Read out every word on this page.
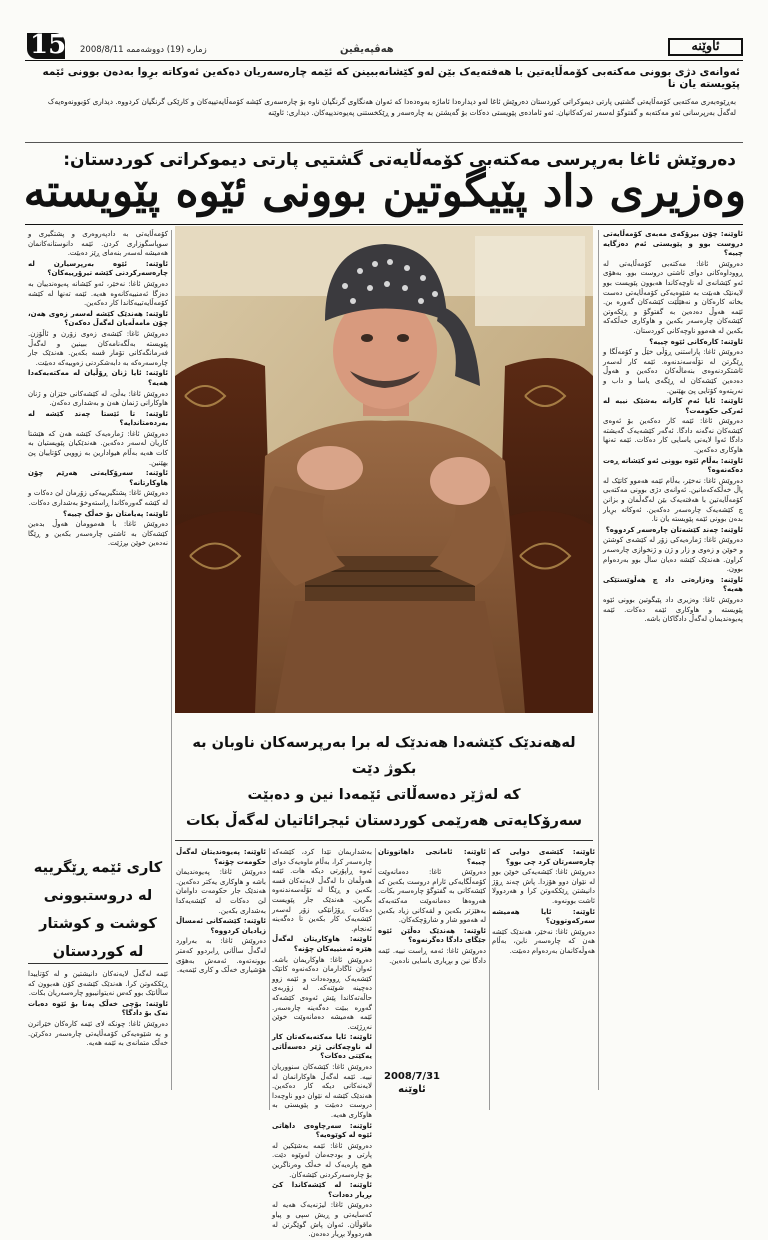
15 زمارە (19) دووشەممە 2008/8/11	هەڤپەیڤین	ئاوێنە
ئەوانەی دژی بوونی مەکتەبی کۆمەڵایەتین با هەفتەیەک بێن لەو کێشانەببینن کە ئێمە چارەسەریان دەکەین ئەوکاتە برِوا بەدەن بوونی ئێمە پێویستە یان نا
بەڕێوەبەری مەکتەبی کۆمەڵایەتی گشتیی پارتی دیموکراتی کوردستان دەروێش ئاغا لەو دیدارەدا ئاماژە بەوەدەدا کە ئەوان هەنگاوی گرنگیان ناوە بۆ چارەسەری کێشە کۆمەڵایەتییەکان و کارێکی گرنگیان کردووە. دیداری کۆبوونەوەیەک لەگەڵ بەرپرسانی ئەو مەکتەبە و گفتوگۆ لەسەر ئەرکەکانیان. ئەو ئامادەی پێویستی دەکات بۆ گەیشتن بە چارەسەر و ڕێکخستنی پەیوەندییەکان. دیداری: ئاوێنە
دەروێش ئاغا بەرپرسی مەکتەبی کۆمەڵایەتی گشتیی پارتی دیموکراتی کوردستان:
وەزیری داد پێیگوتین بوونی ئێوە پێویستە

ئاوێنە: چۆن بیرۆکەی مەبەی کۆمەڵایەتی دروست بوو و پێویستی ئەم دەزگایە چییە؟

دەروێش ئاغا: مەکتەبی کۆمەڵایەتی لە ڕووداوەکانی دوای ئاشتی دروست بوو. بەهۆی ئەو کێشانەی لە ناوچەکاندا هەبوون پێویست بوو لایەنێک هەبێت بە شێوەیەکی کۆمەڵایەتی دەست بخاتە کارەکان و نەهێڵێت کێشەکان گەورە بن. ئێمە هەوڵ دەدەین بە گفتوگۆ و ڕێکەوتن کێشەکان چارەسەر بکەین و هاوکاری خەڵکەکە بکەین لە هەموو ناوچەکانی کوردستان.

ئاوێنە: کارەکانی ئێوە چییە؟

دەروێش ئاغا: پاراستنی ڕۆڵی خێڵ و کۆمەڵگا و ڕێگرتن لە تۆڵەسەندنەوە. ئێمە کار لەسەر ئاشتکردنەوەی بنەماڵەکان دەکەین و هەوڵ دەدەین کێشەکان لە ڕێگەی یاسا و داب و نەریتەوە کۆتایی پێ بهێنین.

ئاوێنە: ئایا ئەم کارانە بەشێک نییە لە ئەرکی حکومەت؟

دەروێش ئاغا: ئێمە کار دەکەین بۆ ئەوەی کێشەکان نەگەنە دادگا. ئەگەر کێشەیەک گەیشتە دادگا ئەوا لایەنی یاسایی کار دەکات. ئێمە تەنها هاوکاری دەکەین.

ئاوێنە: بەڵام ئێوە بوونی ئەو کێشانە ڕەت دەکەنەوە؟

دەروێش ئاغا: نەخێر، بەڵام ئێمە هەموو کاتێک لە پاڵ خەڵکەکەمانین. ئەوانەی دژی بوونی مەکتەبی کۆمەڵایەتین با هەفتەیەک بێن لەگەڵمان و بزانن چ کێشەیەک چارەسەر دەکەین. ئەوکاتە برِیار بدەن بوونی ئێمە پێویستە یان نا.

ئاوێنە: چەند کێشەتان چارەسەر کردووە؟

دەروێش ئاغا: ژمارەیەکی زۆر لە کێشەی کوشتن و خوێن و زەوی و زار و ژن و ژنخوازی چارەسەر کراون. هەندێک کێشە دەیان ساڵ بوو بەردەوام بوون.

ئاوێنە: وەزارەتی داد چ هەڵوێستێکی هەیە؟

دەروێش ئاغا: وەزیری داد پێیگوتین بوونی ئێوە پێویستە و هاوکاری ئێمە دەکات. ئێمە پەیوەندیمان لەگەڵ دادگاکان باشە.

کۆمەڵایەتی بە دادپەروەری و پشتگیری و سوپاسگوزاری کردن. ئێمە دانوستانەکانمان هەمیشە لەسەر بنەمای ڕێز دەبێت.

ئاوێنە: ئێوە بەرپرسیارن لە چارەسەرکردنی کێشە تیرۆرییەکان؟

دەروێش ئاغا: نەخێر، ئەو کێشانە پەیوەندییان بە دەزگا ئەمنییەکانەوە هەیە. ئێمە تەنها لە کێشە کۆمەڵایەتییەکاندا کار دەکەین.

ئاوێنە: هەندێک کێشە لەسەر زەوی هەن، چۆن مامەڵەیان لەگەڵ دەکەن؟

دەروێش ئاغا: کێشەی زەوی زۆرن و ئاڵۆزن. پێویستە بەڵگەنامەکان ببینین و لەگەڵ فەرمانگەکانی تۆمار قسە بکەین. هەندێک جار چارەسەرەکە بە دابەشکردنی زەوییەکە دەبێت.

ئاوێنە: ئایا ژنان ڕۆڵیان لە مەکتەبەکەدا هەیە؟

دەروێش ئاغا: بەڵێ، لە کێشەکانی خێزان و ژنان هاوکارانی ژنمان هەن و بەشداری دەکەن.

ئاوێنە: تا ئێستا چەند کێشە لە بەردەمتاندایە؟

دەروێش ئاغا: ژمارەیەک کێشە هەن کە هێشتا کاریان لەسەر دەکەین. هەندێکیان پێویستیان بە کات هەیە بەڵام هیوادارین بە زوویی کۆتاییان پێ بهێنین.

ئاوێنە: سەرۆکایەتی هەرێم چۆن هاوکارتانە؟

دەروێش ئاغا: پشتگیرییەکی زۆرمان لێ دەکات و لە کێشە گەورەکاندا ڕاستەوخۆ بەشداری دەکات.

ئاوێنە: پەیامتان بۆ خەڵک چییە؟

دەروێش ئاغا: با هەموومان هەوڵ بدەین کێشەکان بە ئاشتی چارەسەر بکەین و ڕێگا نەدەین خوێن بڕژێت.

لەهەندێک کێشەدا هەندێک لە برا بەرپرسەکان ناوبان بە بکوژ دێت
کە لەژێر دەسەڵاتی ئێمەدا نین و دەبێت
سەرۆکایەتی هەرێمی کوردستان ئیجرائاتیان لەگەڵ بکات
کاری ئێمە ڕێگرییە
لە دروستبوونی
کوشت و کوشتار
لە کوردستان

ئاوێنە: پەیوەندیتان لەگەڵ حکومەت چۆنە؟

دەروێش ئاغا: پەیوەندیمان باشە و هاوکاری یەکتر دەکەین. هەندێک جار حکومەت داوامان لێ دەکات لە کێشەیەکدا بەشداری بکەین.

ئاوێنە: کێشەکانی ئەمساڵ زیادیان کردووە؟

دەروێش ئاغا: بە بەراورد لەگەڵ ساڵانی ڕابردوو کەمتر بوونەتەوە. ئەمەش بەهۆی هۆشیاری خەڵک و کاری ئێمەیە.

بەشداریمان تێدا کرد، کێشەکە چارەسەر کرا، بەڵام ماوەیەک دوای ئەوە ڕاپۆرتی دیکە هات. ئێمە هەوڵمان دا لەگەڵ لایەنەکان قسە بکەین و ڕێگا لە تۆڵەسەندنەوە بگرین. هەندێک جار پێویست دەکات ڕۆژانێکی زۆر لەسەر کێشەیەک کار بکەین تا دەگەینە ئەنجام.

ئاوێنە: هاوکاریتان لەگەڵ هێزە ئەمنییەکان چۆنە؟

دەروێش ئاغا: هاوکاریمان باشە. ئەوان ئاگادارمان دەکەنەوە کاتێک کێشەیەک ڕوودەدات و ئێمە زوو دەچینە شوێنەکە. لە زۆربەی حاڵەتەکاندا پێش ئەوەی کێشەکە گەورە ببێت دەگەینە چارەسەر. ئێمە هەمیشە دەمانەوێت خوێن نەڕژێت.

ئاوێنە: ئایا مەکتەبەکەتان کار لە ناوچەکانی ژێر دەسەڵاتی یەکێتی دەکات؟

دەروێش ئاغا: کێشەکان سنووریان نییە. ئێمە لەگەڵ هاوکارانمان لە لایەنەکانی دیکە کار دەکەین. هەندێک کێشە لە نێوان دوو ناوچەدا دروست دەبێت و پێویستی بە هاوکاری هەیە.

ئاوێنە: سەرچاوەی داهاتی ئێوە لە کوێوەیە؟

دەروێش ئاغا: ئێمە بەشێکین لە پارتی و بودجەمان لەوێوە دێت. هیچ پارەیەک لە خەڵک وەرناگرین بۆ چارەسەرکردنی کێشەکان.

ئاوێنە: لە کێشەکاندا کێ بڕیار دەدات؟

دەروێش ئاغا: لیژنەیەک هەیە لە کەسایەتی و ڕیش سپی و پیاو ماقوڵان. ئەوان پاش گوێگرتن لە هەردوولا بڕیار دەدەن.

ئاوێنە: ئامانجی داهاتووتان چییە؟

دەروێش ئاغا: دەمانەوێت کۆمەڵگایەکی ئارام دروست بکەین کە کێشەکانی بە گفتوگۆ چارەسەر بکات. هەروەها دەمانەوێت مەکتەبەکە بەهێزتر بکەین و لقەکانی زیاد بکەین لە هەموو شار و شارۆچکەکان.

ئاوێنە: هەندێک دەڵێن ئێوە جێگای دادگا دەگرنەوە؟

دەروێش ئاغا: ئەمە ڕاست نییە. ئێمە دادگا نین و بڕیاری یاسایی نادەین.

ئاوێنە: کێشەی دوایی کە چارەسەرتان کرد چی بوو؟

دەروێش ئاغا: کێشەیەکی خوێن بوو لە نێوان دوو هۆزدا. پاش چەند ڕۆژ دانیشتن ڕێککەوتن کرا و هەردوولا ئاشت بوونەوە.

ئاوێنە: ئایا هەمیشە سەرکەوتوون؟

دەروێش ئاغا: نەخێر، هەندێک کێشە هەن کە چارەسەر نابن، بەڵام هەوڵەکانمان بەردەوام دەبێت.

ئێمە لەگەڵ لایەنەکان دانیشتین و لە کۆتاییدا ڕێککەوتن کرا. هەندێک کێشەی کۆن هەبوون کە ساڵانێک بوو کەس نەیتوانیبوو چارەسەریان بکات.

ئاوێنە: بۆچی خەڵک پەنا بۆ ئێوە دەبات نەک بۆ دادگا؟

دەروێش ئاغا: چونکە لای ئێمە کارەکان خێراترن و بە شێوەیەکی کۆمەڵایەتی چارەسەر دەکرێن. خەڵک متمانەی بە ئێمە هەیە.

2008/7/31
ئاوێنە
